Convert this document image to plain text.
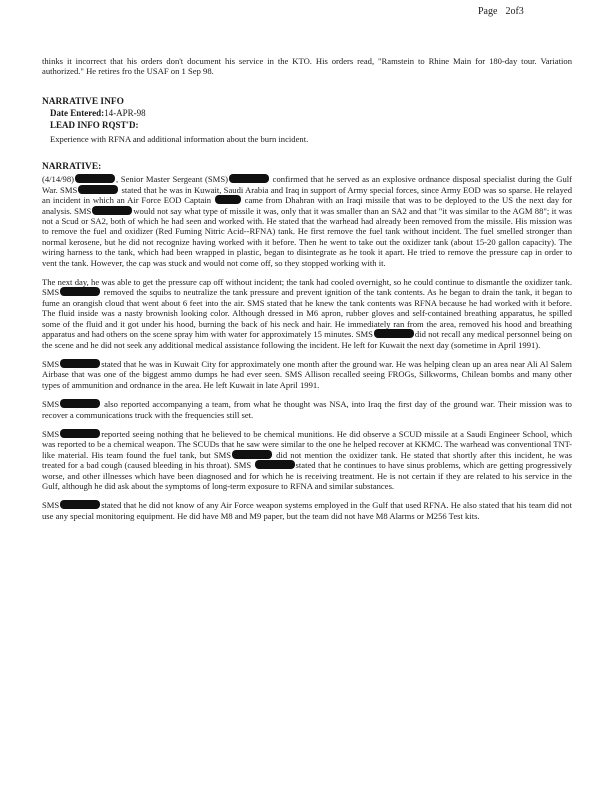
Page 2of3

thinks it incorrect that his orders don't document his service in the KTO. His orders read, "Ramstein to Rhine Main for 180-day tour. Variation authorized." He retires fro the USAF on 1 Sep 98.

NARRATIVE INFO

Date Entered:14-APR-98

LEAD INFO RQST'D:

Experience with RFNA and additional information about the burn incident.

NARRATIVE:

(4/14/98)	, Senior Master Sergeant (SMS)	confirmed that he served as an explosive ordnance disposal specialist during the Gulf War. SMS	stated that he was in Kuwait, Saudi Arabia and Iraq in support of Army special forces, since Army EOD was so sparse. He relayed an incident in which an Air Force EOD Captain	came from Dhahran with an Iraqi missile that was to be deployed to the US the next day for analysis. SMS	would not say what type of missile it was, only that it was smaller than an SA2 and that "it was similar to the AGM 88"; it was not a Scud or SA2, both of which he had seen and worked with. He stated that the warhead had already been removed from the missile. His mission was to remove the fuel and oxidizer (Red Fuming Nitric Acid--RFNA) tank. He first remove the fuel tank without incident. The fuel smelled stronger than normal kerosene, but he did not recognize having worked with it before. Then he went to take out the oxidizer tank (about 15-20 gallon capacity). The wiring harness to the tank, which had been wrapped in plastic, began to disintegrate as he took it apart. He tried to remove the pressure cap in order to vent the tank. However, the cap was stuck and would not come off, so they stopped working with it.

The next day, he was able to get the pressure cap off without incident; the tank had cooled overnight, so he could continue to dismantle the oxidizer tank. SMS	removed the squibs to neutralize the tank pressure and prevent ignition of the tank contents. As he began to drain the tank, it began to fume an orangish cloud that went about 6 feet into the air. SMS stated that he knew the tank contents was RFNA because he had worked with it before. The fluid inside was a nasty brownish looking color. Although dressed in M6 apron, rubber gloves and self-contained breathing apparatus, he spilled some of the fluid and it got under his hood, burning the back of his neck and hair. He immediately ran from the area, removed his hood and breathing apparatus and had others on the scene spray him with water for approximately 15 minutes. SMS	did not recall any medical personnel being on the scene and he did not seek any additional medical assistance following the incident. He left for Kuwait the next day (sometime in April 1991).

SMS	stated that he was in Kuwait City for approximately one month after the ground war. He was helping clean up an area near Ali Al Salem Airbase that was one of the biggest ammo dumps he had ever seen. SMS Allison recalled seeing FROGs, Silkworms, Chilean bombs and many other types of ammunition and ordnance in the area. He left Kuwait in late April 1991.

SMS	also reported accompanying a team, from what he thought was NSA, into Iraq the first day of the ground war. Their mission was to recover a communications truck with the frequencies still set.

SMS	reported seeing nothing that he believed to be chemical munitions. He did observe a SCUD missile at a Saudi Engineer School, which was reported to be a chemical weapon. The SCUDs that he saw were similar to the one he helped recover at KKMC. The warhead was conventional TNT-like material. His team found the fuel tank, but SMS	did not mention the oxidizer tank. He stated that shortly after this incident, he was treated for a bad cough (caused bleeding in his throat). SMS	stated that he continues to have sinus problems, which are getting progressively worse, and other illnesses which have been diagnosed and for which he is receiving treatment. He is not certain if they are related to his service in the Gulf, although he did ask about the symptoms of long-term exposure to RFNA and similar substances.

SMS	stated that he did not know of any Air Force weapon systems employed in the Gulf that used RFNA. He also stated that his team did not use any special monitoring equipment. He did have M8 and M9 paper, but the team did not have M8 Alarms or M256 Test kits.
